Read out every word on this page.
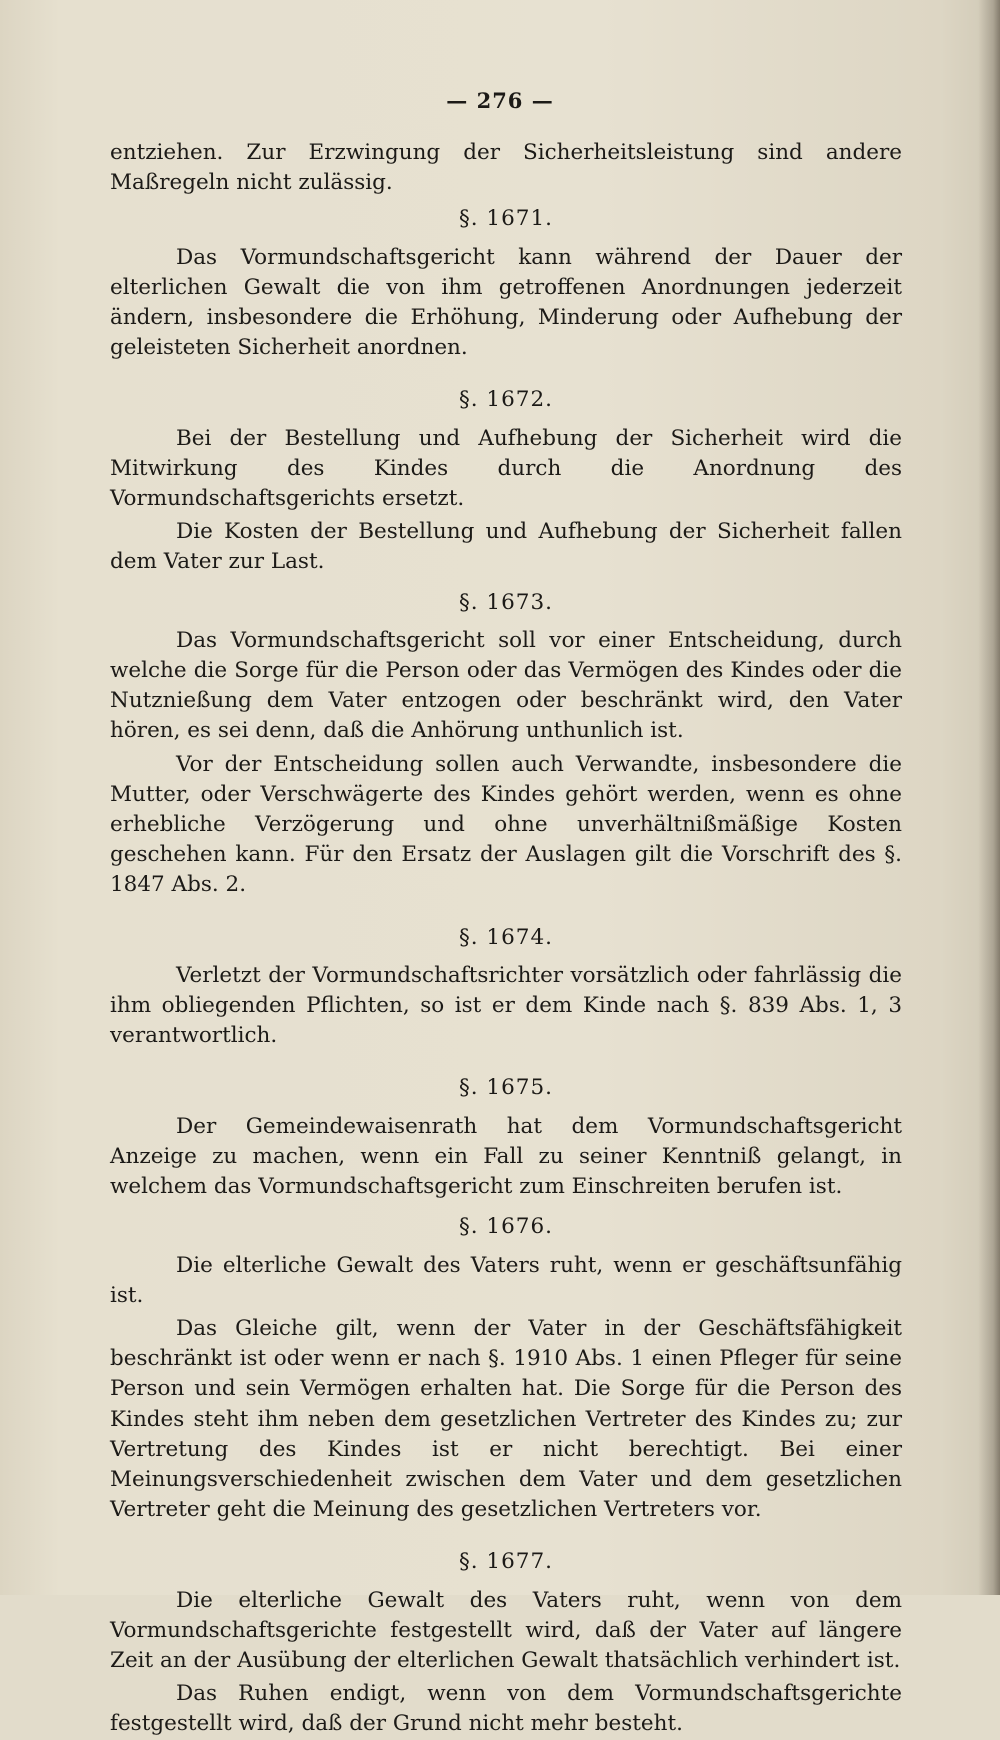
— 276 —

entziehen. Zur Erzwingung der Sicherheitsleistung sind andere Maßregeln nicht zulässig.

§. 1671.

Das Vormundschaftsgericht kann während der Dauer der elterlichen Gewalt die von ihm getroffenen Anordnungen jederzeit ändern, insbesondere die Erhöhung, Minderung oder Aufhebung der geleisteten Sicherheit anordnen.

§. 1672.

Bei der Bestellung und Aufhebung der Sicherheit wird die Mitwirkung des Kindes durch die Anordnung des Vormundschaftsgerichts ersetzt.

Die Kosten der Bestellung und Aufhebung der Sicherheit fallen dem Vater zur Last.

§. 1673.

Das Vormundschaftsgericht soll vor einer Entscheidung, durch welche die Sorge für die Person oder das Vermögen des Kindes oder die Nutznießung dem Vater entzogen oder beschränkt wird, den Vater hören, es sei denn, daß die Anhörung unthunlich ist.

Vor der Entscheidung sollen auch Verwandte, insbesondere die Mutter, oder Verschwägerte des Kindes gehört werden, wenn es ohne erhebliche Verzögerung und ohne unverhältnißmäßige Kosten geschehen kann. Für den Ersatz der Auslagen gilt die Vorschrift des §. 1847 Abs. 2.

§. 1674.

Verletzt der Vormundschaftsrichter vorsätzlich oder fahrlässig die ihm obliegenden Pflichten, so ist er dem Kinde nach §. 839 Abs. 1, 3 verantwortlich.

§. 1675.

Der Gemeindewaisenrath hat dem Vormundschaftsgericht Anzeige zu machen, wenn ein Fall zu seiner Kenntniß gelangt, in welchem das Vormundschaftsgericht zum Einschreiten berufen ist.

§. 1676.

Die elterliche Gewalt des Vaters ruht, wenn er geschäftsunfähig ist.

Das Gleiche gilt, wenn der Vater in der Geschäftsfähigkeit beschränkt ist oder wenn er nach §. 1910 Abs. 1 einen Pfleger für seine Person und sein Vermögen erhalten hat. Die Sorge für die Person des Kindes steht ihm neben dem gesetzlichen Vertreter des Kindes zu; zur Vertretung des Kindes ist er nicht berechtigt. Bei einer Meinungsverschiedenheit zwischen dem Vater und dem gesetzlichen Vertreter geht die Meinung des gesetzlichen Vertreters vor.

§. 1677.

Die elterliche Gewalt des Vaters ruht, wenn von dem Vormundschaftsgerichte festgestellt wird, daß der Vater auf längere Zeit an der Ausübung der elterlichen Gewalt thatsächlich verhindert ist.

Das Ruhen endigt, wenn von dem Vormundschaftsgerichte festgestellt wird, daß der Grund nicht mehr besteht.
